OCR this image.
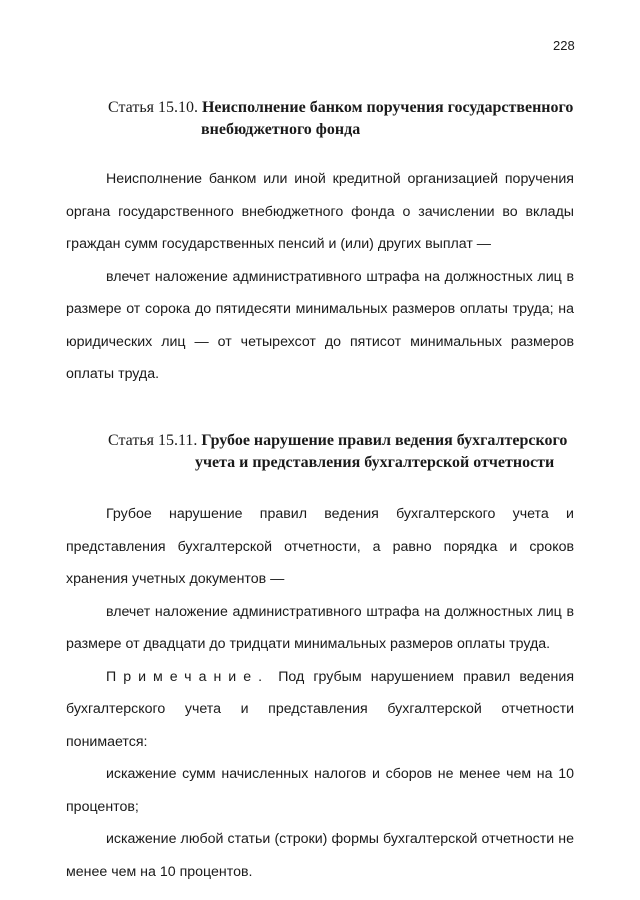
228
Статья 15.10. Неисполнение банком поручения государственного
внебюджетного фонда

Неисполнение банком или иной кредитной организацией поручения органа государственного внебюджетного фонда о зачислении во вклады граждан сумм государственных пенсий и (или) других выплат —

влечет наложение административного штрафа на должностных лиц в размере от сорока до пятидесяти минимальных размеров оплаты труда; на юридических лиц — от четырехсот до пятисот минимальных размеров оплаты труда.

Статья 15.11. Грубое нарушение правил ведения бухгалтерского
учета и представления бухгалтерской отчетности

Грубое нарушение правил ведения бухгалтерского учета и представления бухгалтерской отчетности, а равно порядка и сроков хранения учетных документов —

влечет наложение административного штрафа на должностных лиц в размере от двадцати до тридцати минимальных размеров оплаты труда.

Примечание. Под грубым нарушением правил ведения бухгалтерского учета и представления бухгалтерской отчетности понимается:

искажение сумм начисленных налогов и сборов не менее чем на 10 процентов;

искажение любой статьи (строки) формы бухгалтерской отчетности не менее чем на 10 процентов.
